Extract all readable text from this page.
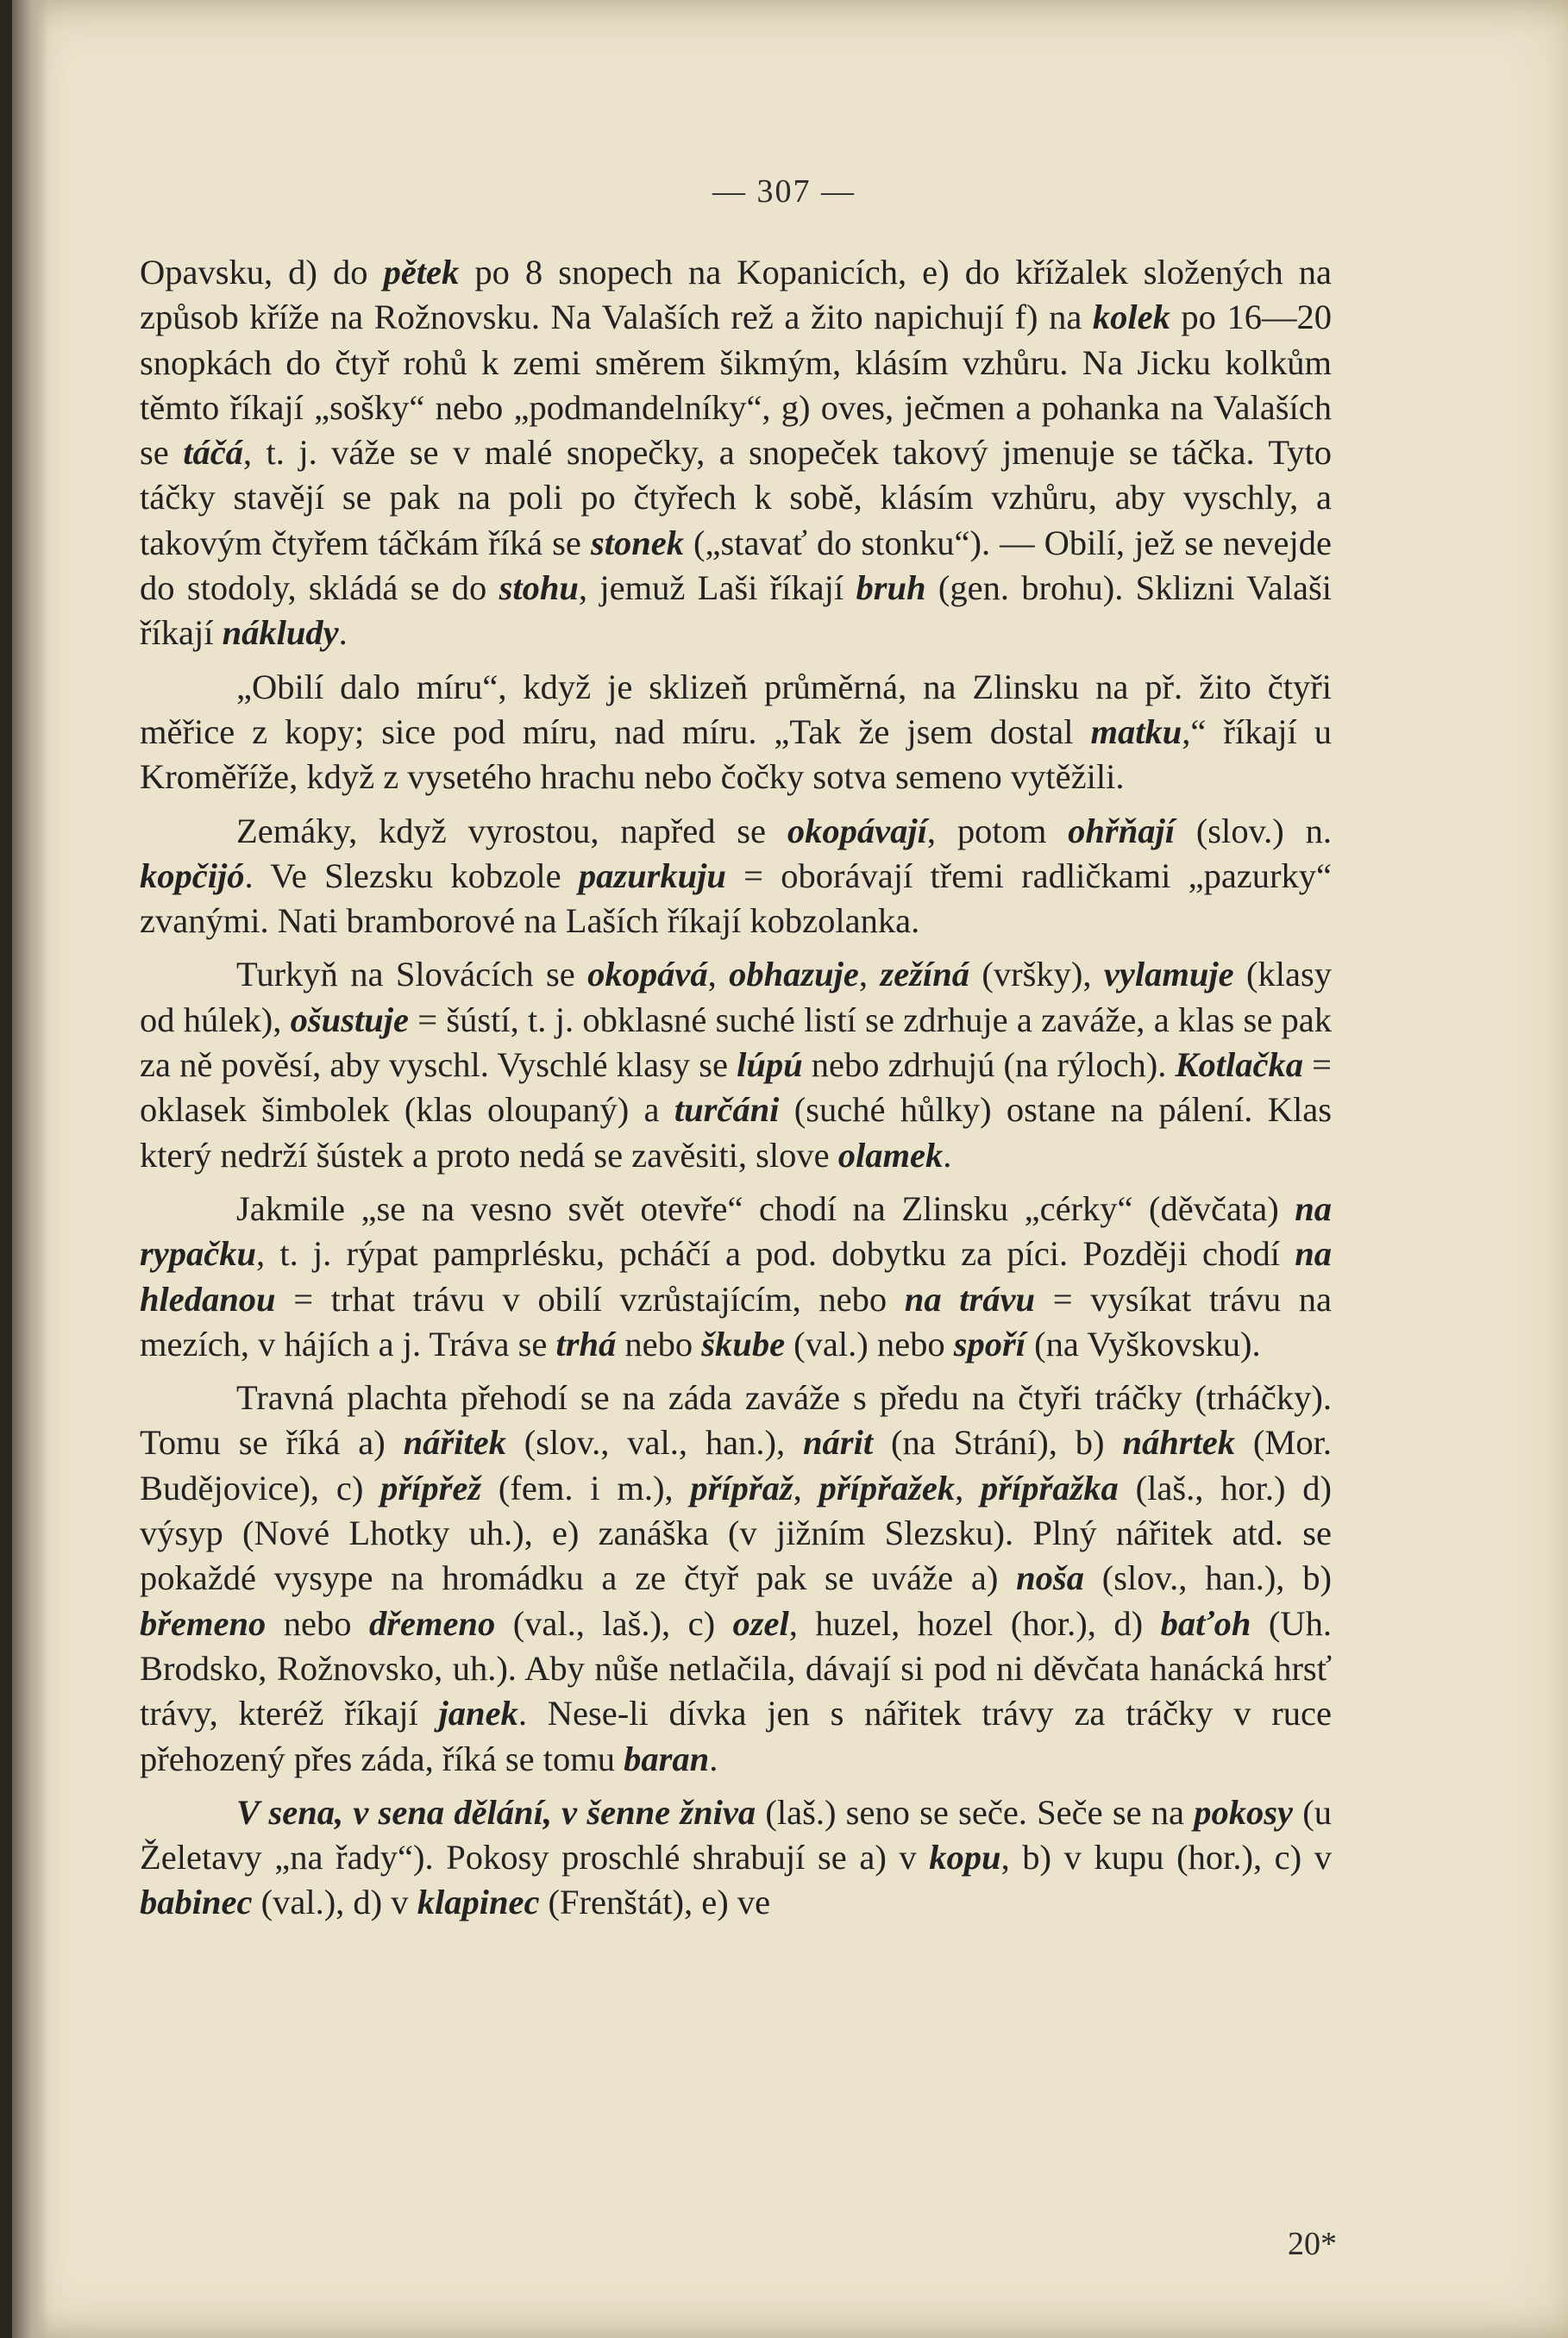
— 307 —

Opavsku, d) do pětek po 8 snopech na Kopanicích, e) do křížalek složených na způsob kříže na Rožnovsku. Na Valaších rež a žito napichují f) na kolek po 16—20 snopkách do čtyř rohů k zemi směrem šikmým, klásím vzhůru. Na Jicku kolkům těmto říkají „sošky“ nebo „podmandelníky“, g) oves, ječmen a pohanka na Valaších se táčá, t. j. váže se v malé snopečky, a snopeček takový jmenuje se táčka. Tyto táčky stavějí se pak na poli po čtyřech k sobě, klásím vzhůru, aby vyschly, a takovým čtyřem táčkám říká se stonek („stavať do stonku“). — Obilí, jež se nevejde do stodoly, skládá se do stohu, jemuž Laši říkají bruh (gen. brohu). Sklizni Valaši říkají nákludy.

„Obilí dalo míru“, když je sklizeň průměrná, na Zlinsku na př. žito čtyři měřice z kopy; sice pod míru, nad míru. „Tak že jsem dostal matku,“ říkají u Kroměříže, když z vysetého hrachu nebo čočky sotva semeno vytěžili.

Zemáky, když vyrostou, napřed se okopávají, potom ohřňají (slov.) n. kopčijó. Ve Slezsku kobzole pazurkuju = oborávají třemi radličkami „pazurky“ zvanými. Nati bramborové na Laších říkají kobzolanka.

Turkyň na Slovácích se okopává, obhazuje, zežíná (vršky), vylamuje (klasy od húlek), ošustuje = šústí, t. j. obklasné suché listí se zdrhuje a zaváže, a klas se pak za ně pověsí, aby vyschl. Vyschlé klasy se lúpú nebo zdrhujú (na rýloch). Kotlačka = oklasek šimbolek (klas oloupaný) a turčáni (suché hůlky) ostane na pálení. Klas který nedrží šústek a proto nedá se zavěsiti, slove olamek.

Jakmile „se na vesno svět otevře“ chodí na Zlinsku „cérky“ (děvčata) na rypačku, t. j. rýpat pamprlésku, pcháčí a pod. dobytku za píci. Později chodí na hledanou = trhat trávu v obilí vzrůstajícím, nebo na trávu = vysíkat trávu na mezích, v hájích a j. Tráva se trhá nebo škube (val.) nebo spoří (na Vyškovsku).

Travná plachta přehodí se na záda zaváže s předu na čtyři tráčky (trháčky). Tomu se říká a) nářitek (slov., val., han.), nárit (na Strání), b) náhrtek (Mor. Budějovice), c) přípřež (fem. i m.), přípřaž, přípřažek, přípřažka (laš., hor.) d) výsyp (Nové Lhotky uh.), e) zanáška (v jižním Slezsku). Plný nářitek atd. se pokaždé vysype na hromádku a ze čtyř pak se uváže a) noša (slov., han.), b) břemeno nebo dřemeno (val., laš.), c) ozel, huzel, hozel (hor.), d) baťoh (Uh. Brodsko, Rožnovsko, uh.). Aby nůše netlačila, dávají si pod ni děvčata hanácká hrsť trávy, kteréž říkají janek. Nese-li dívka jen s nářitek trávy za tráčky v ruce přehozený přes záda, říká se tomu baran.

V sena, v sena dělání, v šenne žniva (laš.) seno se seče. Seče se na pokosy (u Želetavy „na řady“). Pokosy proschlé shrabují se a) v kopu, b) v kupu (hor.), c) v babinec (val.), d) v klapinec (Frenštát), e) ve

20*
